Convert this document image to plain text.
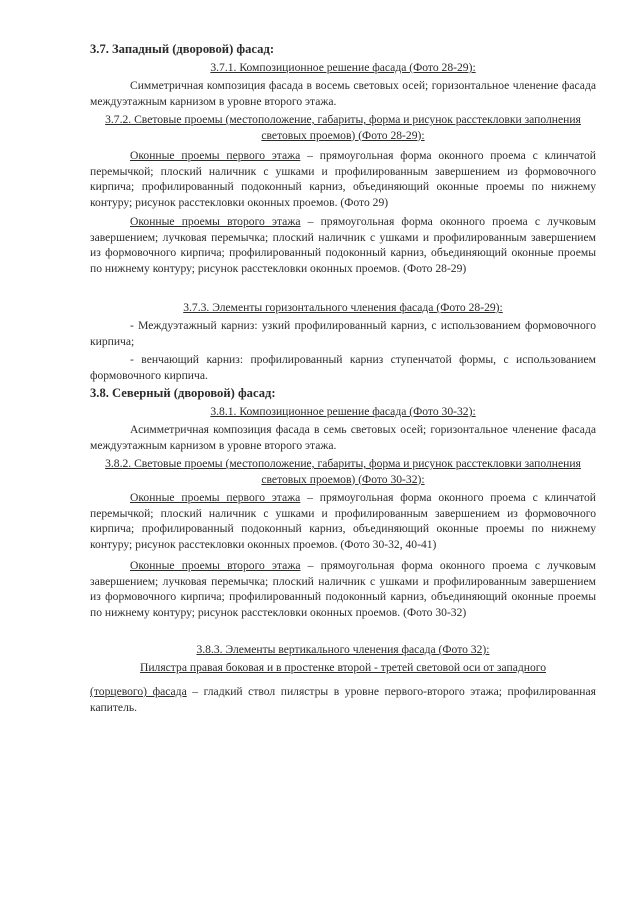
3.7. Западный (дворовой) фасад:
3.7.1. Композиционное решение фасада (Фото 28-29):
Симметричная композиция фасада в восемь световых осей; горизонтальное членение фасада междуэтажным карнизом в уровне второго этажа.
3.7.2. Световые проемы (местоположение, габариты, форма и рисунок расстекловки заполнения световых проемов) (Фото 28-29):
Оконные проемы первого этажа – прямоугольная форма оконного проема с клинчатой перемычкой; плоский наличник с ушками и профилированным завершением из формовочного кирпича; профилированный подоконный карниз, объединяющий оконные проемы по нижнему контуру; рисунок расстекловки оконных проемов. (Фото 29)
Оконные проемы второго этажа – прямоугольная форма оконного проема с лучковым завершением; лучковая перемычка; плоский наличник с ушками и профилированным завершением из формовочного кирпича; профилированный подоконный карниз, объединяющий оконные проемы по нижнему контуру; рисунок расстекловки оконных проемов. (Фото 28-29)
3.7.3. Элементы горизонтального членения фасада (Фото 28-29):
- Междуэтажный карниз: узкий профилированный карниз, с использованием формовочного кирпича;
- венчающий карниз: профилированный карниз ступенчатой формы, с использованием формовочного кирпича.
3.8. Северный (дворовой) фасад:
3.8.1. Композиционное решение фасада (Фото 30-32):
Асимметричная композиция фасада в семь световых осей; горизонтальное членение фасада междуэтажным карнизом в уровне второго этажа.
3.8.2. Световые проемы (местоположение, габариты, форма и рисунок расстекловки заполнения световых проемов) (Фото 30-32):
Оконные проемы первого этажа – прямоугольная форма оконного проема с клинчатой перемычкой; плоский наличник с ушками и профилированным завершением из формовочного кирпича; профилированный подоконный карниз, объединяющий оконные проемы по нижнему контуру; рисунок расстекловки оконных проемов. (Фото 30-32, 40-41)
Оконные проемы второго этажа – прямоугольная форма оконного проема с лучковым завершением; лучковая перемычка; плоский наличник с ушками и профилированным завершением из формовочного кирпича; профилированный подоконный карниз, объединяющий оконные проемы по нижнему контуру; рисунок расстекловки оконных проемов. (Фото 30-32)
3.8.3. Элементы вертикального членения фасада (Фото 32):
Пилястра правая боковая и в простенке второй - третей световой оси от западного
(торцевого) фасада – гладкий ствол пилястры в уровне первого-второго этажа; профилированная капитель.
